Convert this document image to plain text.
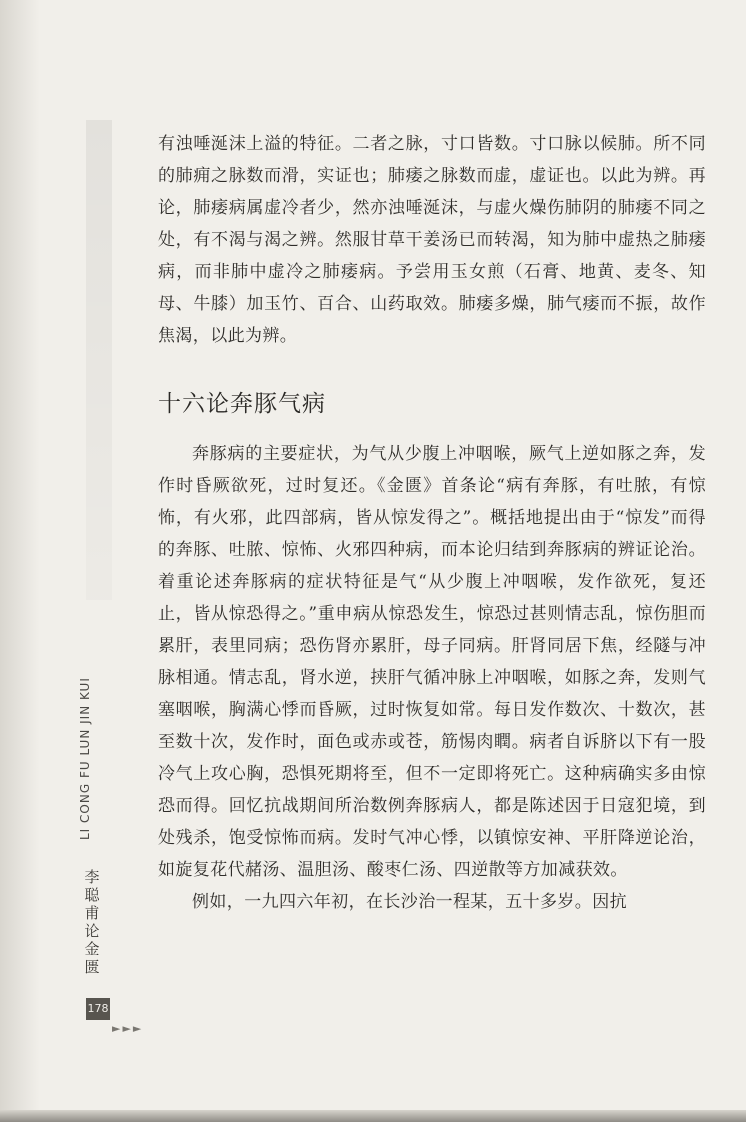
有浊唾涎沫上溢的特征。二者之脉，寸口皆数。寸口脉以候肺。所不同的肺痈之脉数而滑，实证也；肺痿之脉数而虚，虚证也。以此为辨。再论，肺痿病属虚冷者少，然亦浊唾涎沫，与虚火燥伤肺阴的肺痿不同之处，有不渴与渴之辨。然服甘草干姜汤已而转渴，知为肺中虚热之肺痿病，而非肺中虚冷之肺痿病。予尝用玉女煎（石膏、地黄、麦冬、知母、牛膝）加玉竹、百合、山药取效。肺痿多燥，肺气痿而不振，故作焦渴，以此为辨。

十六论奔豚气病

奔豚病的主要症状，为气从少腹上冲咽喉，厥气上逆如豚之奔，发作时昏厥欲死，过时复还。《金匮》首条论“病有奔豚，有吐脓，有惊怖，有火邪，此四部病，皆从惊发得之”。概括地提出由于“惊发”而得的奔豚、吐脓、惊怖、火邪四种病，而本论归结到奔豚病的辨证论治。着重论述奔豚病的症状特征是气“从少腹上冲咽喉，发作欲死，复还止，皆从惊恐得之。”重申病从惊恐发生，惊恐过甚则情志乱，惊伤胆而累肝，表里同病；恐伤肾亦累肝，母子同病。肝肾同居下焦，经隧与冲脉相通。情志乱，肾水逆，挟肝气循冲脉上冲咽喉，如豚之奔，发则气塞咽喉，胸满心悸而昏厥，过时恢复如常。每日发作数次、十数次，甚至数十次，发作时，面色或赤或苍，筋惕肉瞤。病者自诉脐以下有一股冷气上攻心胸，恐惧死期将至，但不一定即将死亡。这种病确实多由惊恐而得。回忆抗战期间所治数例奔豚病人，都是陈述因于日寇犯境，到处残杀，饱受惊怖而病。发时气冲心悸，以镇惊安神、平肝降逆论治，如旋复花代赭汤、温胆汤、酸枣仁汤、四逆散等方加减获效。

例如，一九四六年初，在长沙治一程某，五十多岁。因抗

LI CONG FU LUN JIN KUI
李聪甫论金匮
178
►►►
